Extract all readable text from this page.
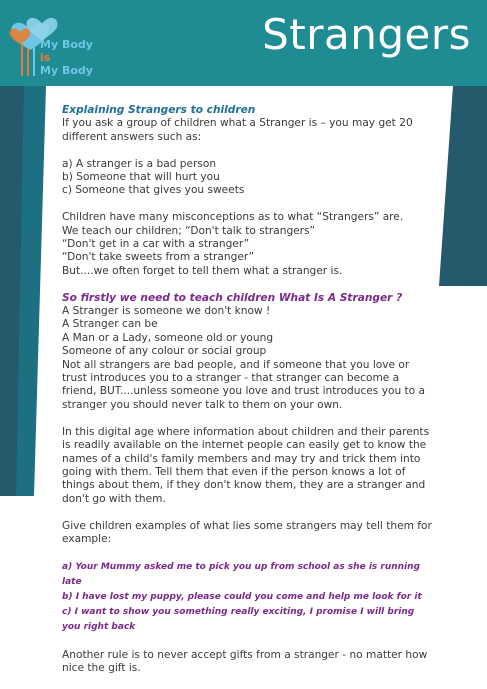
My Body
is
My Body
Strangers

Explaining Strangers to children
If you ask a group of children what a Stranger is – you may get 20 different answers such as:

a) A stranger is a bad person
b) Someone that will hurt you
c) Someone that gives you sweets

Children have many misconceptions as to what “Strangers” are.
We teach our children; “Don't talk to strangers”
“Don't get in a car with a stranger”
“Don't take sweets from a stranger”
But....we often forget to tell them what a stranger is.

So firstly we need to teach children What Is A Stranger ?
A Stranger is someone we don't know !
A Stranger can be
A Man or a Lady, someone old or young
Someone of any colour or social group
Not all strangers are bad people, and if someone that you love or trust introduces you to a stranger - that stranger can become a friend, BUT....unless someone you love and trust introduces you to a stranger you should never talk to them on your own.

In this digital age where information about children and their parents is readily available on the internet people can easily get to know the names of a child's family members and may try and trick them into going with them. Tell them that even if the person knows a lot of things about them, if they don't know them, they are a stranger and don't go with them.

Give children examples of what lies some strangers may tell them for example:

a) Your Mummy asked me to pick you up from school as she is running late
b) I have lost my puppy, please could you come and help me look for it
c) I want to show you something really exciting, I promise I will bring you right back

Another rule is to never accept gifts from a stranger - no matter how nice the gift is.
